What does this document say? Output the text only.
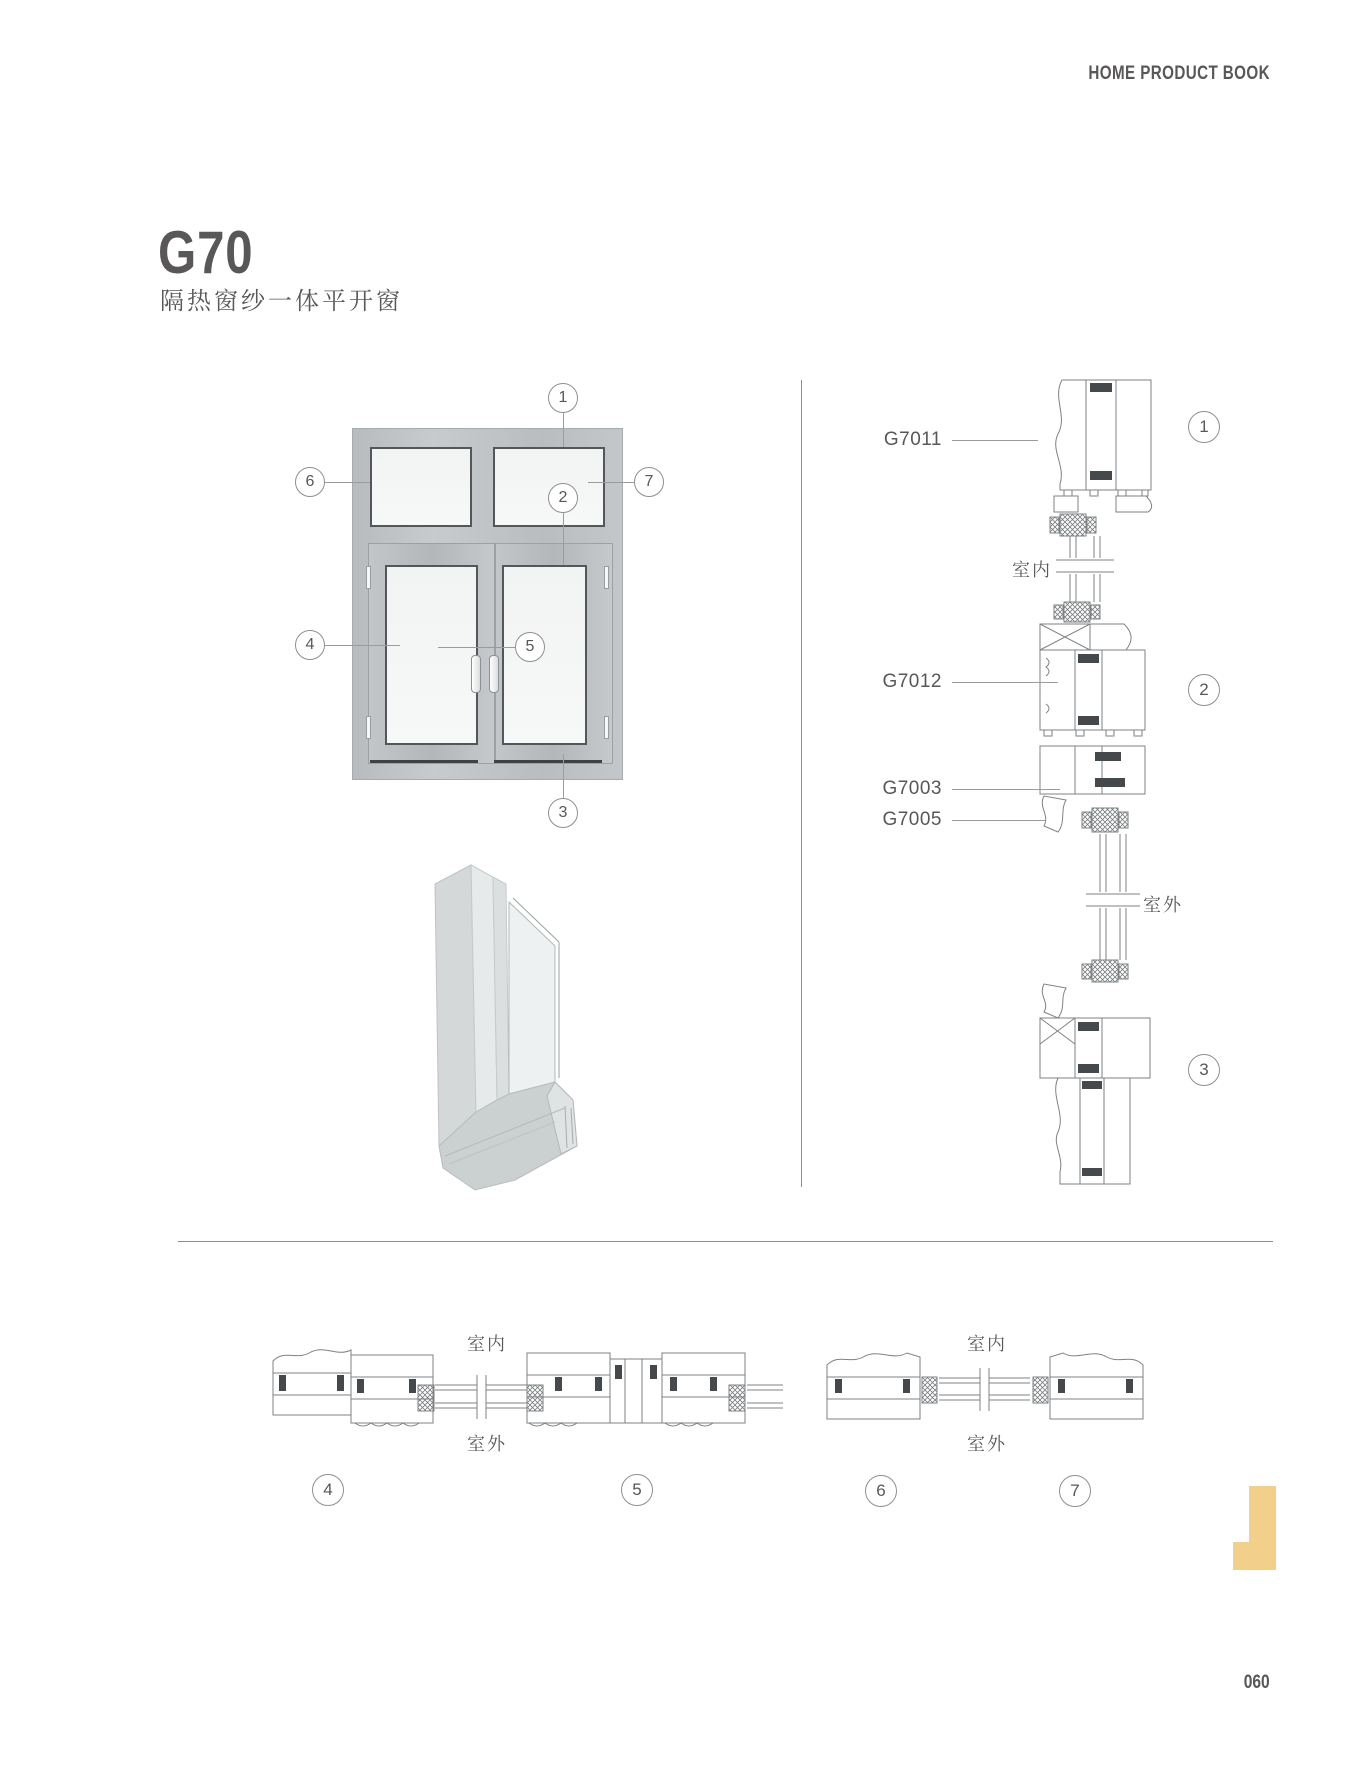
HOME PRODUCT BOOK
G70
隔热窗纱一体平开窗
1
2
6	7
4	5
3
G7011
G7012
G7003
G7005
室内
室外
1
2
3
室内
室外
室内
室外
4	5	6	7
060
